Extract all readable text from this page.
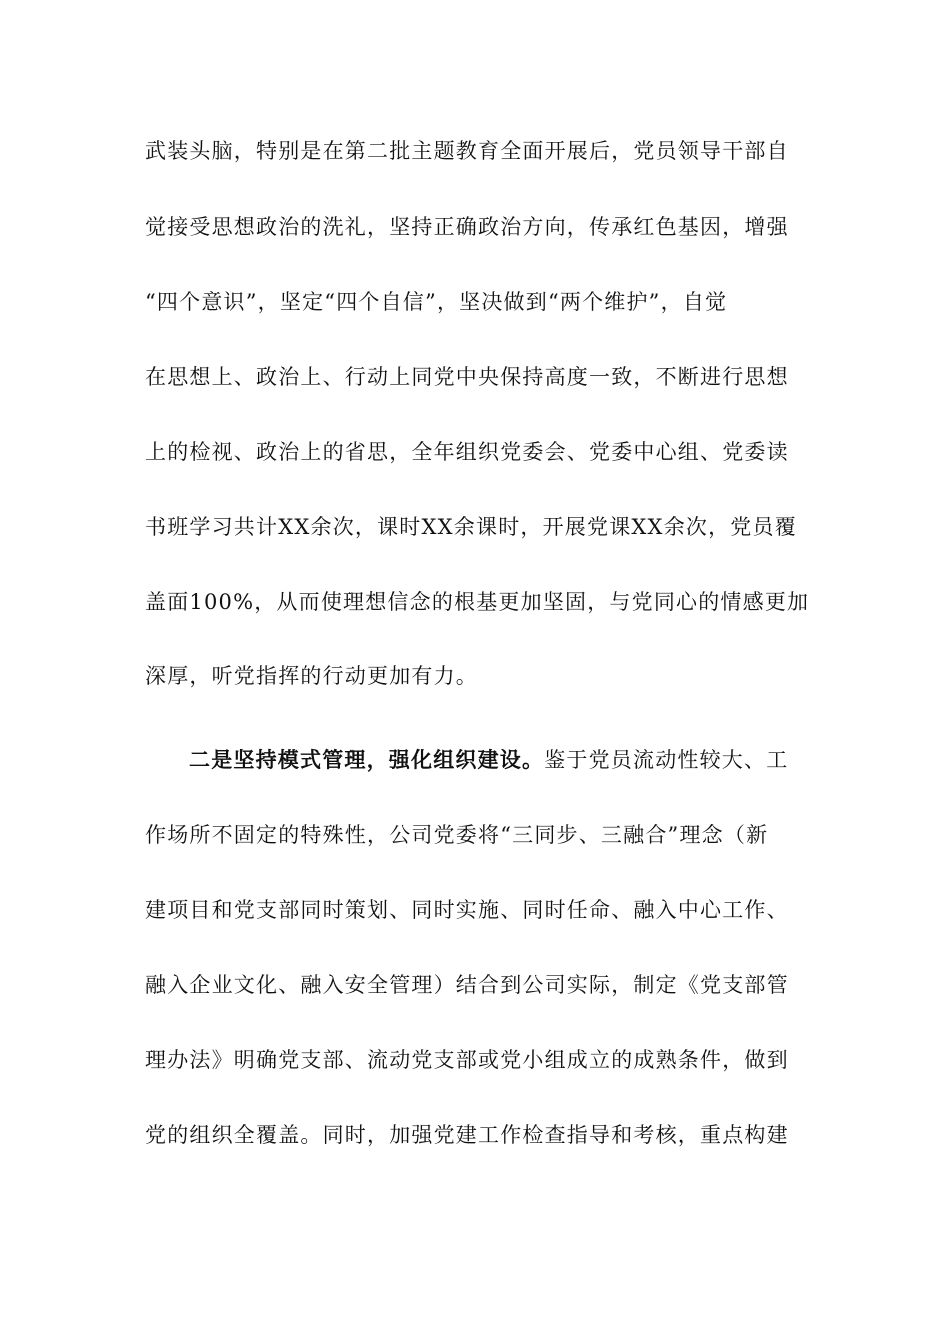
武装头脑，特别是在第二批主题教育全面开展后，党员领导干部自
觉接受思想政治的洗礼，坚持正确政治方向，传承红色基因，增强
“四个意识”，坚定“四个自信”，坚决做到“两个维护”，自觉
在思想上、政治上、行动上同党中央保持高度一致，不断进行思想
上的检视、政治上的省思，全年组织党委会、党委中心组、党委读
书班学习共计XX余次，课时XX余课时，开展党课XX余次，党员覆
盖面100%，从而使理想信念的根基更加坚固，与党同心的情感更加
深厚，听党指挥的行动更加有力。
二是坚持模式管理，强化组织建设。鉴于党员流动性较大、工
作场所不固定的特殊性，公司党委将“三同步、三融合”理念（新
建项目和党支部同时策划、同时实施、同时任命、融入中心工作、
融入企业文化、融入安全管理）结合到公司实际，制定《党支部管
理办法》明确党支部、流动党支部或党小组成立的成熟条件，做到
党的组织全覆盖。同时，加强党建工作检查指导和考核，重点构建
